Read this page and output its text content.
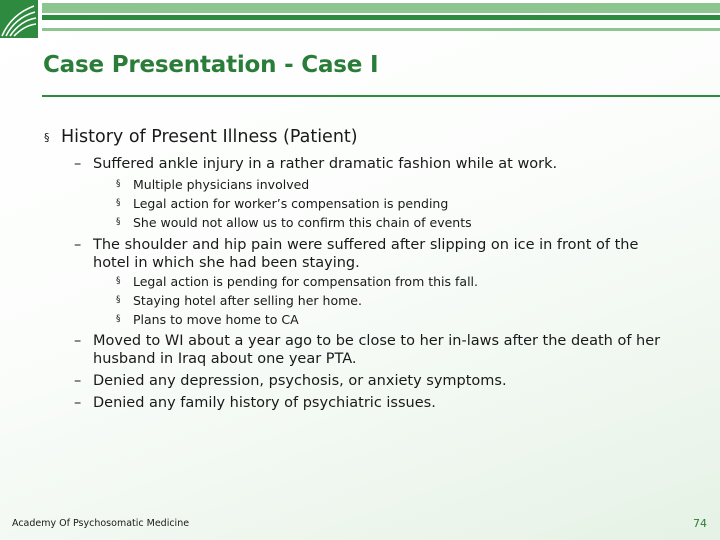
Case Presentation - Case I
§ History of Present Illness (Patient)
– Suffered ankle injury in a rather dramatic fashion while at work.
§ Multiple physicians involved
§ Legal action for worker’s compensation is pending
§ She would not allow us to confirm this chain of events
– The shoulder and hip pain were suffered after slipping on ice in front of the hotel in which she had been staying.
§ Legal action is pending for compensation from this fall.
§ Staying hotel after selling her home.
§ Plans to move home to CA
– Moved to WI about a year ago to be close to her in-laws after the death of her husband in Iraq about one year PTA.
– Denied any depression, psychosis, or anxiety symptoms.
– Denied any family history of psychiatric issues.
Academy Of Psychosomatic Medicine	74
